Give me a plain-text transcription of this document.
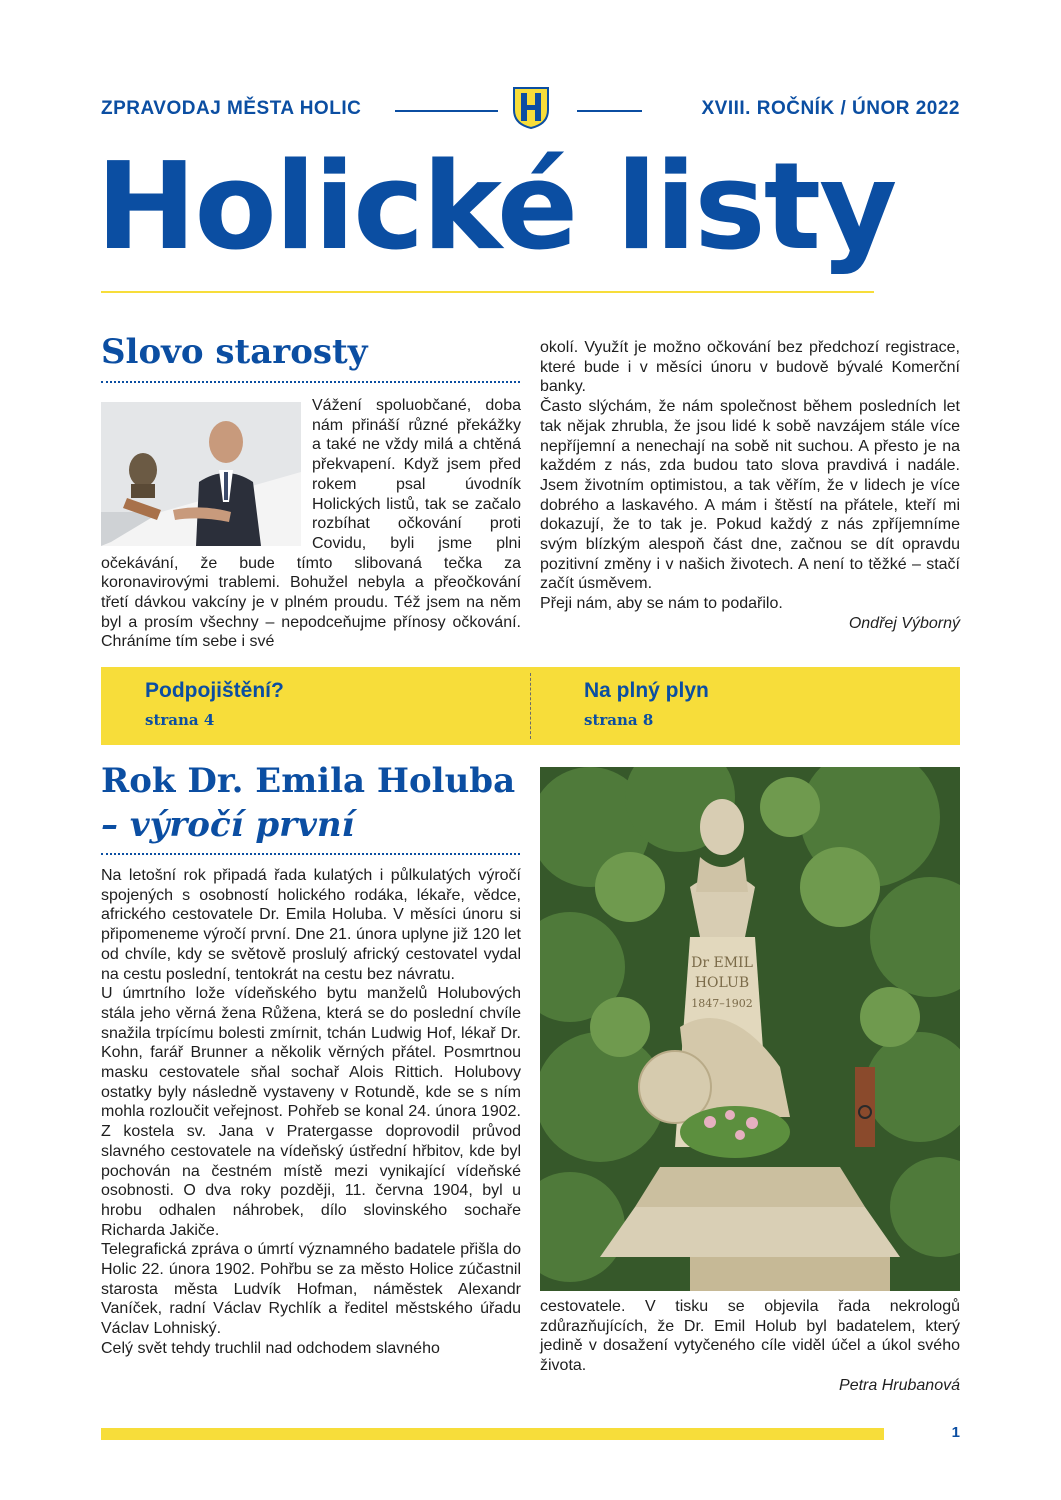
ZPRAVODAJ MĚSTA HOLIC	XVIII. ROČNÍK / ÚNOR 2022
Holické listy
Slovo starosty

Vážení spoluobčané, doba nám přináší různé překážky a také ne vždy milá a chtěná překvapení. Když jsem před rokem psal úvodník Holických listů, tak se začalo rozbíhat očkování proti Covidu, byli jsme plni očekávání, že bude tímto slibovaná tečka za koronavirovými trablemi. Bohužel nebyla a přeočkování třetí dávkou vakcíny je v plném proudu. Též jsem na něm byl a prosím všechny – nepodceňujme přínosy očkování. Chráníme tím sebe i své

okolí. Využít je možno očkování bez předchozí registrace, které bude i v měsíci únoru v budově bývalé Komerční banky.

Často slýchám, že nám společnost během posledních let tak nějak zhrubla, že jsou lidé k sobě navzájem stále více nepříjemní a nenechají na sobě nit suchou. A přesto je na každém z nás, zda budou tato slova pravdivá i nadále. Jsem životním optimistou, a tak věřím, že v lidech je více dobrého a laskavého. A mám i štěstí na přátele, kteří mi dokazují, že to tak je. Pokud každý z nás zpříjemníme svým blízkým alespoň část dne, začnou se dít opravdu pozitivní změny i v našich životech. A není to těžké – stačí začít úsměvem.

Přeji nám, aby se nám to podařilo.

Ondřej Výborný

Podpojištění?
strana 4
Na plný plyn
strana 8
Rok Dr. Emila Holuba
– výročí první

Na letošní rok připadá řada kulatých i půlkulatých výročí spojených s osobností holického rodáka, lékaře, vědce, afrického cestovatele Dr. Emila Holuba. V měsíci únoru si připomeneme výročí první. Dne 21. února uplyne již 120 let od chvíle, kdy se světově proslulý africký cestovatel vydal na cestu poslední, tentokrát na cestu bez návratu.

U úmrtního lože vídeňského bytu manželů Holubových stála jeho věrná žena Růžena, která se do poslední chvíle snažila trpícímu bolesti zmírnit, tchán Ludwig Hof, lékař Dr. Kohn, farář Brunner a několik věrných přátel. Posmrtnou masku cestovatele sňal sochař Alois Rittich. Holubovy ostatky byly následně vystaveny v Rotundě, kde se s ním mohla rozloučit veřejnost. Pohřeb se konal 24. února 1902. Z kostela sv. Jana v Pratergasse doprovodil průvod slavného cestovatele na vídeňský ústřední hřbitov, kde byl pochován na čestném místě mezi vynikající vídeňské osobnosti. O dva roky později, 11. června 1904, byl u hrobu odhalen náhrobek, dílo slovinského sochaře Richarda Jakiče.

Telegrafická zpráva o úmrtí významného badatele přišla do Holic 22. února 1902. Pohřbu se za město Holice zúčastnil starosta města Ludvík Hofman, náměstek Alexandr Vaníček, radní Václav Rychlík a ředitel městského úřadu Václav Lohniský.

Celý svět tehdy truchlil nad odchodem slavného

Dr EMIL
HOLUB
1847–1902

cestovatele. V tisku se objevila řada nekrologů zdůrazňujících, že Dr. Emil Holub byl badatelem, který jedině v dosažení vytyčeného cíle viděl účel a úkol svého života.

Petra Hrubanová

1
